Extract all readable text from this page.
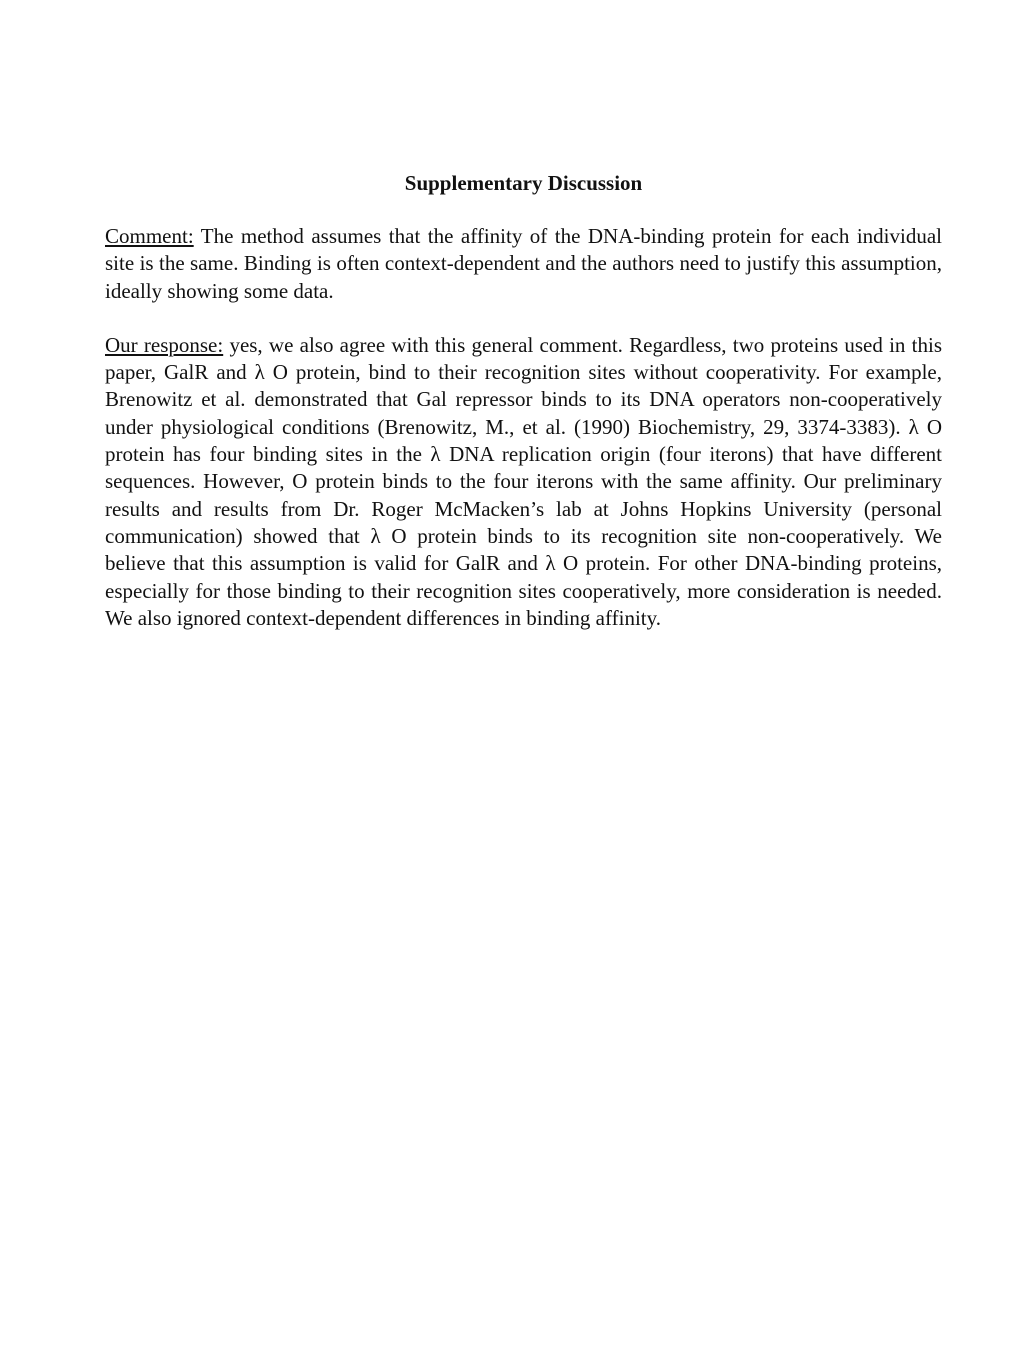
Supplementary Discussion

Comment: The method assumes that the affinity of the DNA-binding protein for each individual site is the same. Binding is often context-dependent and the authors need to justify this assumption, ideally showing some data.

Our response: yes, we also agree with this general comment. Regardless, two proteins used in this paper, GalR and λ O protein, bind to their recognition sites without cooperativity. For example, Brenowitz et al. demonstrated that Gal repressor binds to its DNA operators non-cooperatively under physiological conditions (Brenowitz, M., et al. (1990) Biochemistry, 29, 3374-3383). λ O protein has four binding sites in the λ DNA replication origin (four iterons) that have different sequences. However, O protein binds to the four iterons with the same affinity. Our preliminary results and results from Dr. Roger McMacken’s lab at Johns Hopkins University (personal communication) showed that λ O protein binds to its recognition site non-cooperatively. We believe that this assumption is valid for GalR and λ O protein. For other DNA-binding proteins, especially for those binding to their recognition sites cooperatively, more consideration is needed. We also ignored context-dependent differences in binding affinity.
